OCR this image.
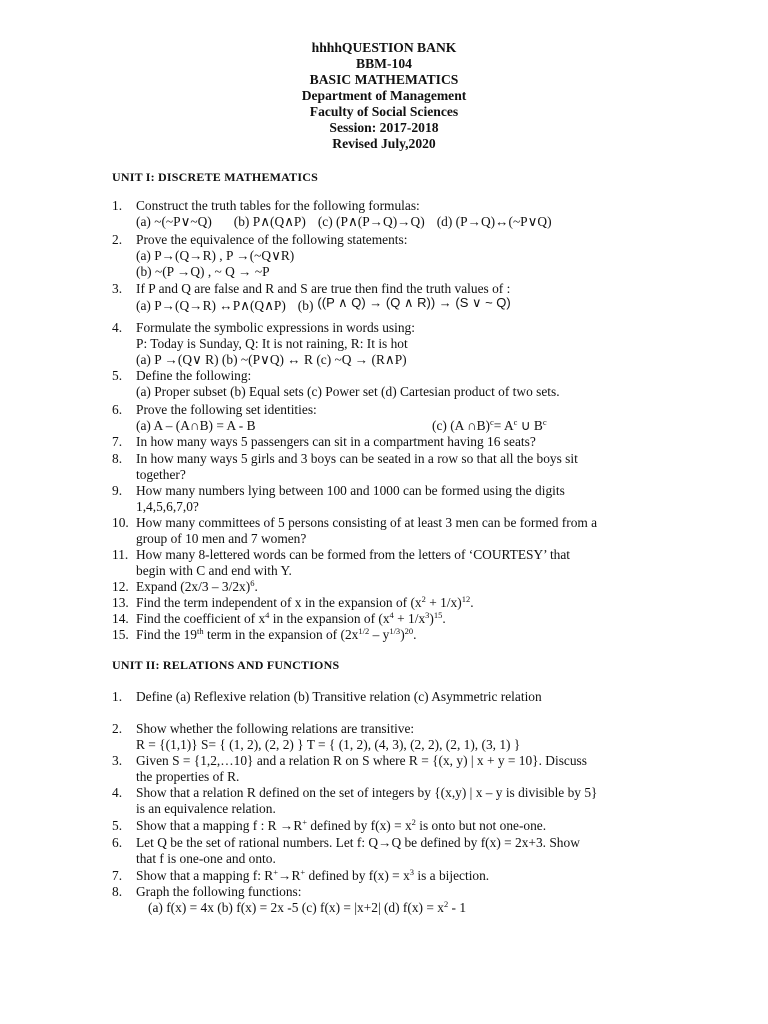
hhhhQUESTION BANK
BBM-104
BASIC MATHEMATICS
Department of Management
Faculty of Social Sciences
Session: 2017-2018
Revised July,2020
UNIT I: DISCRETE MATHEMATICS
1.	Construct the truth tables for the following formulas:
(a) ~(~P∨~Q) (b) P∧(Q∧P) (c) (P∧(P→Q)→Q) (d) (P→Q)↔(~P∨Q)
2.	Prove the equivalence of the following statements:
(a) P→(Q→R) , P →(~Q∨R)
(b) ~(P →Q) , ~ Q → ~P
3.	If P and Q are false and R and S are true then find the truth values of :
(a) P→(Q→R) ↔P∧(Q∧P) (b) ((P ∧ Q) → (Q ∧ R)) → (S ∨ ~ Q)
4.	Formulate the symbolic expressions in words using:
P: Today is Sunday, Q: It is not raining, R: It is hot
(a) P →(Q∨ R) (b) ~(P∨Q) ↔ R (c) ~Q → (R∧P)
5.	Define the following:
(a) Proper subset (b) Equal sets (c) Power set (d) Cartesian product of two sets.
6.	Prove the following set identities:
(a) A – (A∩B) = A - B	(c) (A ∩B)$^c$= $A^c$ ∪ $B^c$
7.	In how many ways 5 passengers can sit in a compartment having 16 seats?
8.	In how many ways 5 girls and 3 boys can be seated in a row so that all the boys sit
together?
9.	How many numbers lying between 100 and 1000 can be formed using the digits
1,4,5,6,7,0?
10. How many committees of 5 persons consisting of at least 3 men can be formed from a
group of 10 men and 7 women?
11. How many 8-lettered words can be formed from the letters of ‘COURTESY’ that
begin with C and end with Y.
12. Expand (2x/3 – 3/2x)$^6$.
13. Find the term independent of x in the expansion of $(x^2 + 1/x)^{12}$.
14. Find the coefficient of $x^4$ in the expansion of $(x^4 + 1/x^3)^{15}$.
15. Find the 19th term in the expansion of $(2x^{1/2} - y^{1/3})^{20}$.
UNIT II: RELATIONS AND FUNCTIONS
1.	Define (a) Reflexive relation (b) Transitive relation (c) Asymmetric relation
2.	Show whether the following relations are transitive:
R = {(1,1)} S= { (1, 2), (2, 2) } T = { (1, 2), (4, 3), (2, 2), (2, 1), (3, 1) }
3.	Given S = {1,2,…10} and a relation R on S where R = {(x, y) | x + y = 10}. Discuss
the properties of R.
4.	Show that a relation R defined on the set of integers by {(x,y) | x – y is divisible by 5}
is an equivalence relation.
5.	Show that a mapping f : R →R+ defined by $f(x) = x^2$ is onto but not one-one.
6.	Let Q be the set of rational numbers. Let f: Q→Q be defined by f(x) = 2x+3. Show
that f is one-one and onto.
7.	Show that a mapping f: R+→R+ defined by $f(x) = x^3$ is a bijection.
8.	Graph the following functions:
(a) f(x) = 4x (b) f(x) = 2x -5 (c) f(x) = |x+2| (d) $f(x) = x^2 - 1$
